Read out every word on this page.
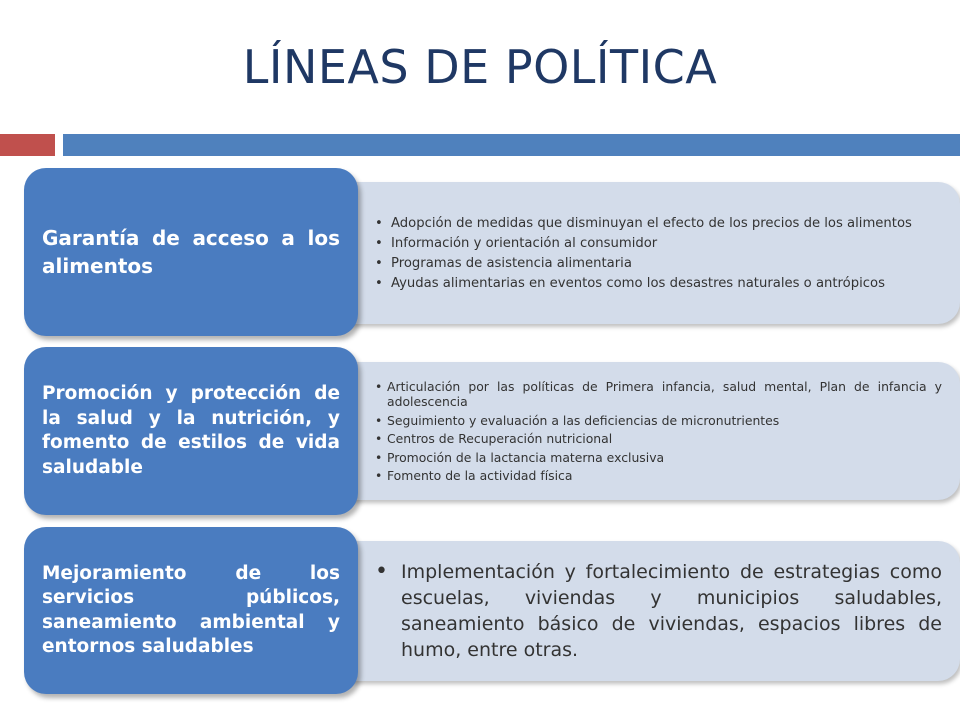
LÍNEAS DE POLÍTICA
• Adopción de medidas que disminuyan el efecto de los precios de los alimentos
• Información y orientación al consumidor
• Programas de asistencia alimentaria
• Ayudas alimentarias en eventos como los desastres naturales o antrópicos
Garantía de acceso a los alimentos
• Articulación por las políticas de Primera infancia, salud mental, Plan de infancia y adolescencia
• Seguimiento y evaluación a las deficiencias de micronutrientes
• Centros de Recuperación nutricional
• Promoción de la lactancia materna exclusiva
• Fomento de la actividad física
Promoción y protección de la salud y la nutrición, y fomento de estilos de vida saludable
• Implementación y fortalecimiento de estrategias como escuelas, viviendas y municipios saludables, saneamiento básico de viviendas, espacios libres de humo, entre otras.
Mejoramiento de los servicios públicos, saneamiento ambiental y entornos saludables
